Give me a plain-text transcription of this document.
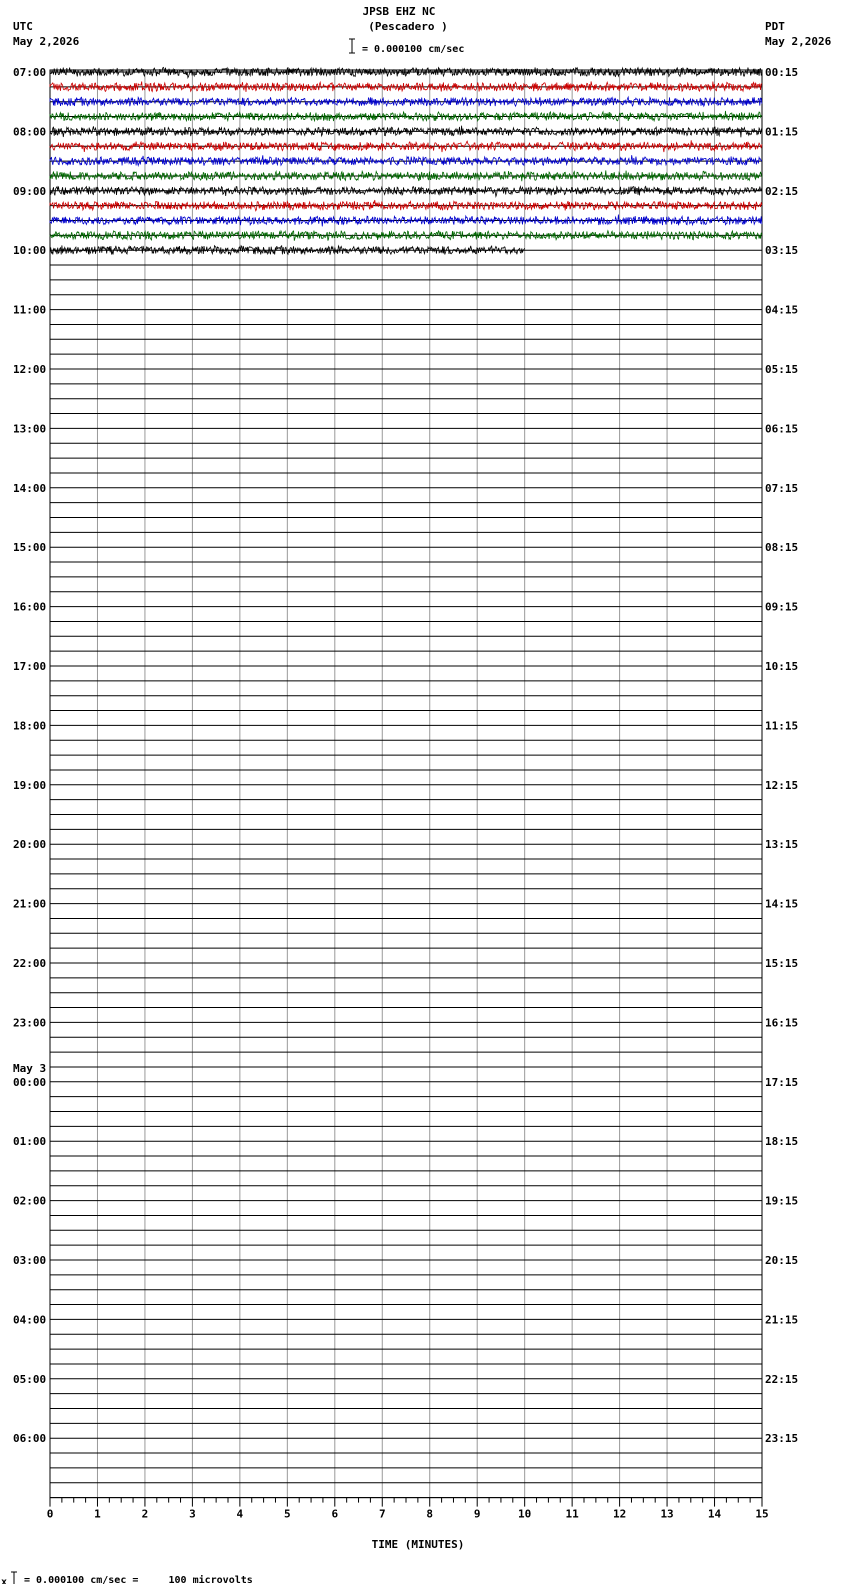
JPSB EHZ NC
(Pescadero )
= 0.000100 cm/sec
UTC
May 2,2026
PDT
May 2,2026
07:00
08:00
09:00
10:00
11:00
12:00
13:00
14:00
15:00
16:00
17:00
18:00
19:00
20:00
21:00
22:00
23:00
00:00
May 3
01:00
02:00
03:00
04:00
05:00
06:00
00:15
01:15
02:15
03:15
04:15
05:15
06:15
07:15
08:15
09:15
10:15
11:15
12:15
13:15
14:15
15:15
16:15
17:15
18:15
19:15
20:15
21:15
22:15
23:15
0	1	2	3	4	5	6	7	8	9	10	11	12	13	14	15
TIME (MINUTES)
x = 0.000100 cm/sec =     100 microvolts
